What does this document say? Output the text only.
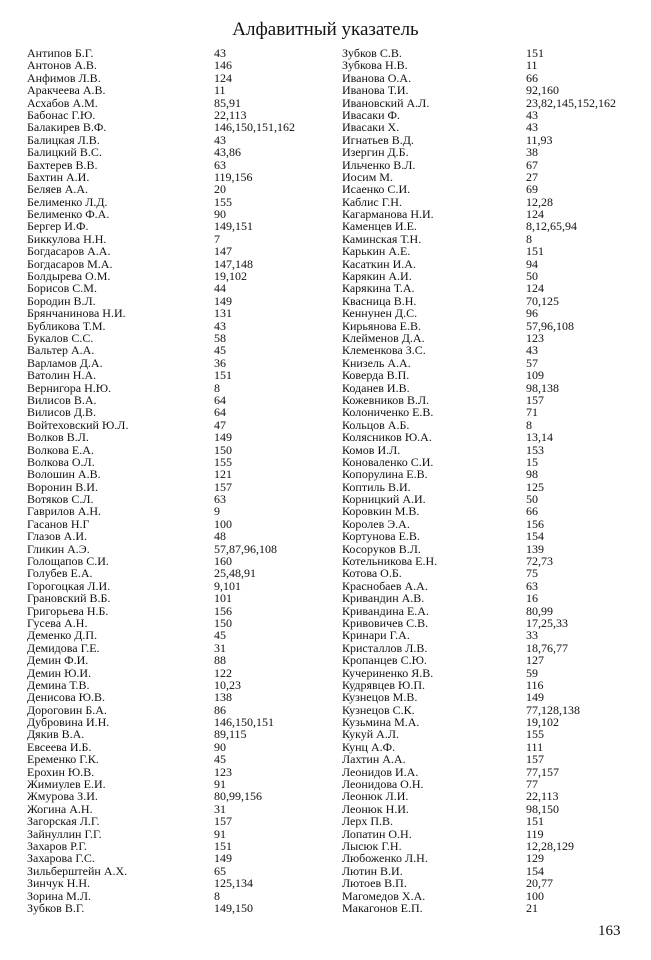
Алфавитный указатель
Антипов Б.Г.	43
Антонов А.В.	146
Анфимов Л.В.	124
Аракчеева А.В.	11
Асхабов А.М.	85,91
Бабонас Г.Ю.	22,113
Балакирев В.Ф.	146,150,151,162
Балицкая Л.В.	43
Балицкий В.С.	43,86
Бахтерев В.В.	63
Бахтин А.И.	119,156
Беляев А.А.	20
Белименко Л.Д.	155
Белименко Ф.А.	90
Бергер И.Ф.	149,151
Биккулова Н.Н.	7
Богдасаров А.А.	147
Богдасаров М.А.	147,148
Болдырева О.М.	19,102
Борисов С.М.	44
Бородин В.Л.	149
Брянчанинова Н.И.	131
Бубликова Т.М.	43
Букалов С.С.	58
Вальтер А.А.	45
Варламов Д.А.	36
Ватолин Н.А.	151
Вернигора Н.Ю.	8
Вилисов В.А.	64
Вилисов Д.В.	64
Войтеховский Ю.Л.	47
Волков В.Л.	149
Волкова Е.А.	150
Волкова О.Л.	155
Волошин А.В.	121
Воронин В.И.	157
Вотяков С.Л.	63
Гаврилов А.Н.	9
Гасанов Н.Г	100
Глазов А.И.	48
Гликин А.Э.	57,87,96,108
Голощапов С.И.	160
Голубев Е.А.	25,48,91
Горогоцкая Л.И.	9,101
Грановский В.Б.	101
Григорьева Н.Б.	156
Гусева А.Н.	150
Деменко Д.П.	45
Демидова Г.Е.	31
Демин Ф.И.	88
Демин Ю.И.	122
Демина Т.В.	10,23
Денисова Ю.В.	138
Дороговин Б.А.	86
Дубровина И.Н.	146,150,151
Дякив В.А.	89,115
Евсеева И.Б.	90
Еременко Г.К.	45
Ерохин Ю.В.	123
Жимиулев Е.И.	91
Жмурова З.И.	80,99,156
Жогина А.Н.	31
Загорская Л.Г.	157
Зайнуллин Г.Г.	91
Захаров Р.Г.	151
Захарова Г.С.	149
Зильберштейн А.Х.	65
Зинчук Н.Н.	125,134
Зорина М.Л.	8
Зубков В.Г.	149,150
Зубков С.В.	151
Зубкова Н.В.	11
Иванова О.А.	66
Иванова Т.И.	92,160
Ивановский А.Л.	23,82,145,152,162
Ивасаки Ф.	43
Ивасаки Х.	43
Игнатьев В.Д.	11,93
Изергин Д.Б.	38
Ильченко В.Л.	67
Иосим М.	27
Исаенко С.И.	69
Каблис Г.Н.	12,28
Кагарманова Н.И.	124
Каменцев И.Е.	8,12,65,94
Каминская Т.Н.	8
Карькин А.Е.	151
Касаткин И.А.	94
Карякин А.И.	50
Карякина Т.А.	124
Квасница В.Н.	70,125
Кеннунен Д.С.	96
Кирьянова Е.В.	57,96,108
Клейменов Д.А.	123
Клеменкова З.С.	43
Книзель А.А.	57
Коверда В.П.	109
Коданев И.В.	98,138
Кожевников В.Л.	157
Колониченко Е.В.	71
Кольцов А.Б.	8
Колясников Ю.А.	13,14
Комов И.Л.	153
Коноваленко С.И.	15
Копорулина Е.В.	98
Коптиль В.И.	125
Корницкий А.И.	50
Коровкин М.В.	66
Королев Э.А.	156
Кортунова Е.В.	154
Косоруков В.Л.	139
Котельникова Е.Н.	72,73
Котова О.Б.	75
Краснобаев А.А.	63
Кривандин А.В.	16
Кривандина Е.А.	80,99
Кривовичев С.В.	17,25,33
Кринари Г.А.	33
Кристаллов Л.В.	18,76,77
Кропанцев С.Ю.	127
Кучериненко Я.В.	59
Кудрявцев Ю.П.	116
Кузнецов М.В.	149
Кузнецов С.К.	77,128,138
Кузьмина М.А.	19,102
Кукуй А.Л.	155
Кунц А.Ф.	111
Лахтин А.А.	157
Леонидов И.А.	77,157
Леонидова О.Н.	77
Леонюк Л.И.	22,113
Леонюк Н.И.	98,150
Лерх П.В.	151
Лопатин О.Н.	119
Лысюк Г.Н.	12,28,129
Любоженко Л.Н.	129
Лютин В.И.	154
Лютоев В.П.	20,77
Магомедов Х.А.	100
Макагонов Е.П.	21
163
